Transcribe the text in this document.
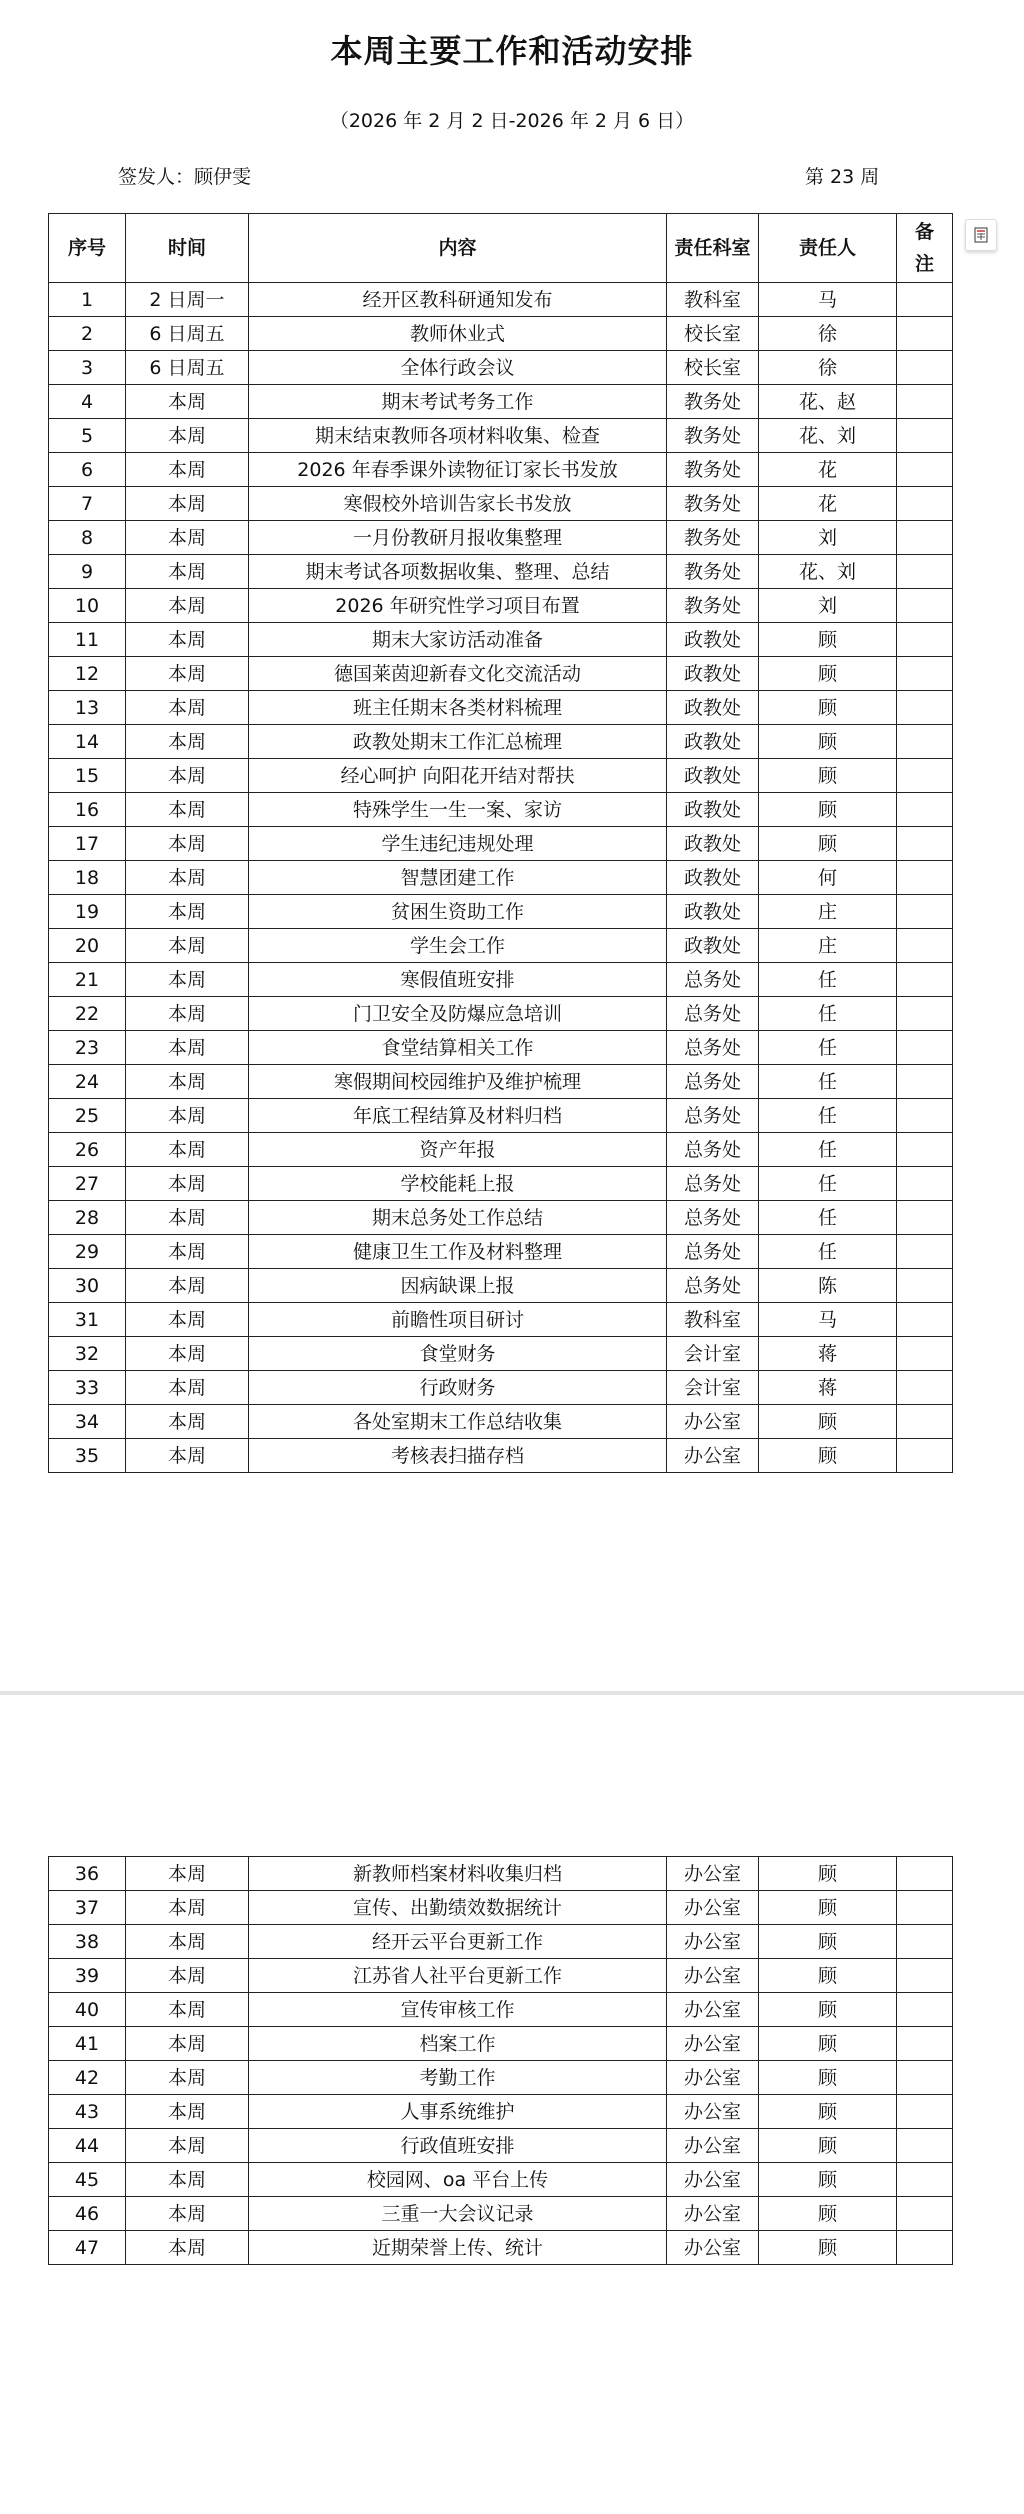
本周主要工作和活动安排
（2026 年 2 月 2 日-2026 年 2 月 6 日）
签发人：顾伊雯	第 23 周
序号	时间	内容	责任科室	责任人	备注
1	2 日周一	经开区教科研通知发布	教科室	马	
2	6 日周五	教师休业式	校长室	徐	
3	6 日周五	全体行政会议	校长室	徐	
4	本周	期末考试考务工作	教务处	花、赵	
5	本周	期末结束教师各项材料收集、检查	教务处	花、刘	
6	本周	2026 年春季课外读物征订家长书发放	教务处	花	
7	本周	寒假校外培训告家长书发放	教务处	花	
8	本周	一月份教研月报收集整理	教务处	刘	
9	本周	期末考试各项数据收集、整理、总结	教务处	花、刘	
10	本周	2026 年研究性学习项目布置	教务处	刘	
11	本周	期末大家访活动准备	政教处	顾	
12	本周	德国莱茵迎新春文化交流活动	政教处	顾	
13	本周	班主任期末各类材料梳理	政教处	顾	
14	本周	政教处期末工作汇总梳理	政教处	顾	
15	本周	经心呵护 向阳花开结对帮扶	政教处	顾	
16	本周	特殊学生一生一案、家访	政教处	顾	
17	本周	学生违纪违规处理	政教处	顾	
18	本周	智慧团建工作	政教处	何	
19	本周	贫困生资助工作	政教处	庄	
20	本周	学生会工作	政教处	庄	
21	本周	寒假值班安排	总务处	任	
22	本周	门卫安全及防爆应急培训	总务处	任	
23	本周	食堂结算相关工作	总务处	任	
24	本周	寒假期间校园维护及维护梳理	总务处	任	
25	本周	年底工程结算及材料归档	总务处	任	
26	本周	资产年报	总务处	任	
27	本周	学校能耗上报	总务处	任	
28	本周	期末总务处工作总结	总务处	任	
29	本周	健康卫生工作及材料整理	总务处	任	
30	本周	因病缺课上报	总务处	陈	
31	本周	前瞻性项目研讨	教科室	马	
32	本周	食堂财务	会计室	蒋	
33	本周	行政财务	会计室	蒋	
34	本周	各处室期末工作总结收集	办公室	顾	
35	本周	考核表扫描存档	办公室	顾	
36	本周	新教师档案材料收集归档	办公室	顾	
37	本周	宣传、出勤绩效数据统计	办公室	顾	
38	本周	经开云平台更新工作	办公室	顾	
39	本周	江苏省人社平台更新工作	办公室	顾	
40	本周	宣传审核工作	办公室	顾	
41	本周	档案工作	办公室	顾	
42	本周	考勤工作	办公室	顾	
43	本周	人事系统维护	办公室	顾	
44	本周	行政值班安排	办公室	顾	
45	本周	校园网、oa 平台上传	办公室	顾	
46	本周	三重一大会议记录	办公室	顾	
47	本周	近期荣誉上传、统计	办公室	顾	
